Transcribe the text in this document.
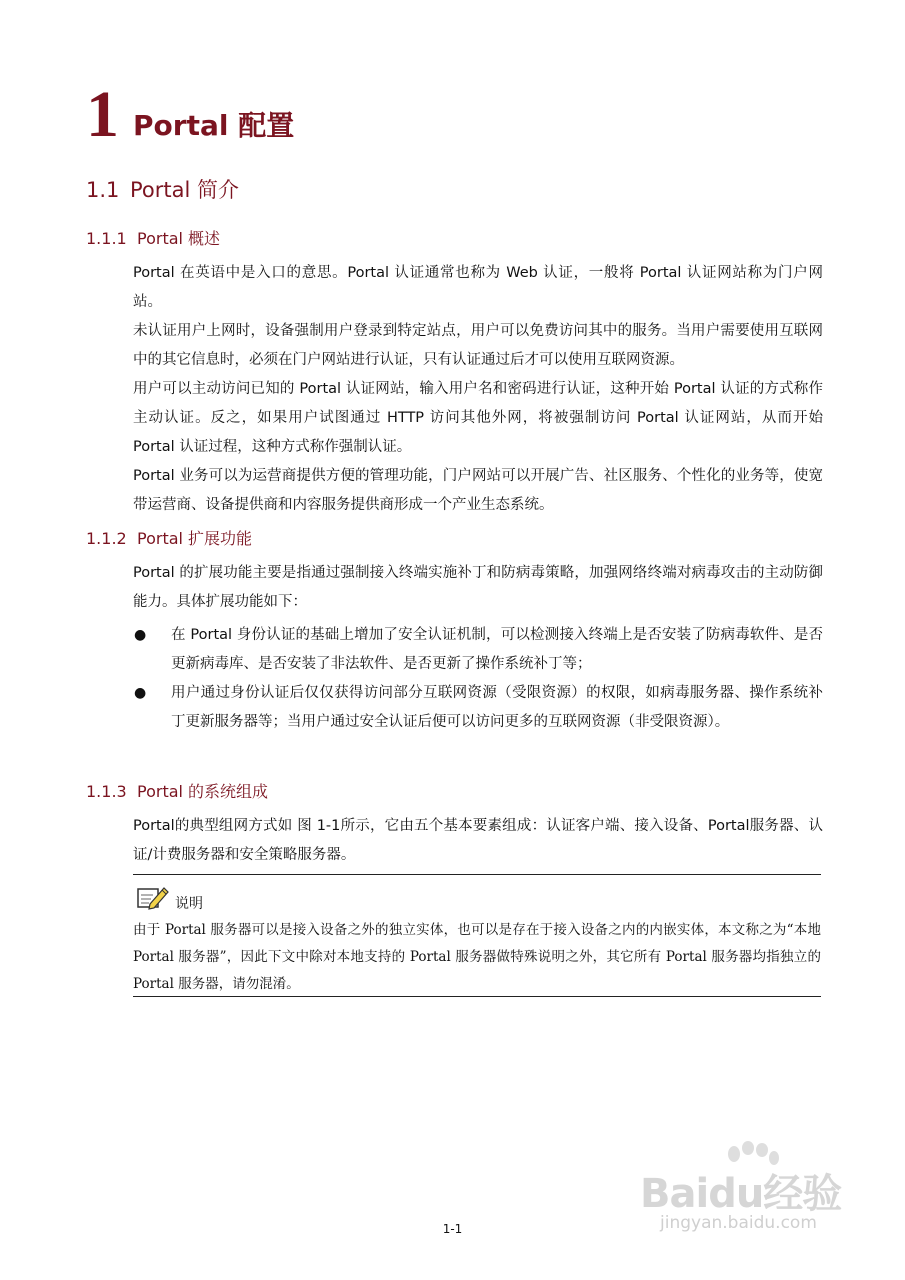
1 Portal 配置
1.1 Portal 简介
1.1.1 Portal 概述

Portal 在英语中是入口的意思。Portal 认证通常也称为 Web 认证，一般将 Portal 认证网站称为门户网站。

未认证用户上网时，设备强制用户登录到特定站点，用户可以免费访问其中的服务。当用户需要使用互联网中的其它信息时，必须在门户网站进行认证，只有认证通过后才可以使用互联网资源。

用户可以主动访问已知的 Portal 认证网站，输入用户名和密码进行认证，这种开始 Portal 认证的方式称作主动认证。反之，如果用户试图通过 HTTP 访问其他外网，将被强制访问 Portal 认证网站，从而开始 Portal 认证过程，这种方式称作强制认证。

Portal 业务可以为运营商提供方便的管理功能，门户网站可以开展广告、社区服务、个性化的业务等，使宽带运营商、设备提供商和内容服务提供商形成一个产业生态系统。

1.1.2 Portal 扩展功能

Portal 的扩展功能主要是指通过强制接入终端实施补丁和防病毒策略，加强网络终端对病毒攻击的主动防御能力。具体扩展功能如下：

● 在 Portal 身份认证的基础上增加了安全认证机制，可以检测接入终端上是否安装了防病毒软件、是否更新病毒库、是否安装了非法软件、是否更新了操作系统补丁等；

● 用户通过身份认证后仅仅获得访问部分互联网资源（受限资源）的权限，如病毒服务器、操作系统补丁更新服务器等；当用户通过安全认证后便可以访问更多的互联网资源（非受限资源）。

1.1.3 Portal 的系统组成

Portal的典型组网方式如 图 1-1所示，它由五个基本要素组成：认证客户端、接入设备、Portal服务器、认证/计费服务器和安全策略服务器。

说明

由于 Portal 服务器可以是接入设备之外的独立实体，也可以是存在于接入设备之内的内嵌实体，本文称之为“本地 Portal 服务器”，因此下文中除对本地支持的 Portal 服务器做特殊说明之外，其它所有 Portal 服务器均指独立的 Portal 服务器，请勿混淆。

1-1
Baidu经验
jingyan.baidu.com
